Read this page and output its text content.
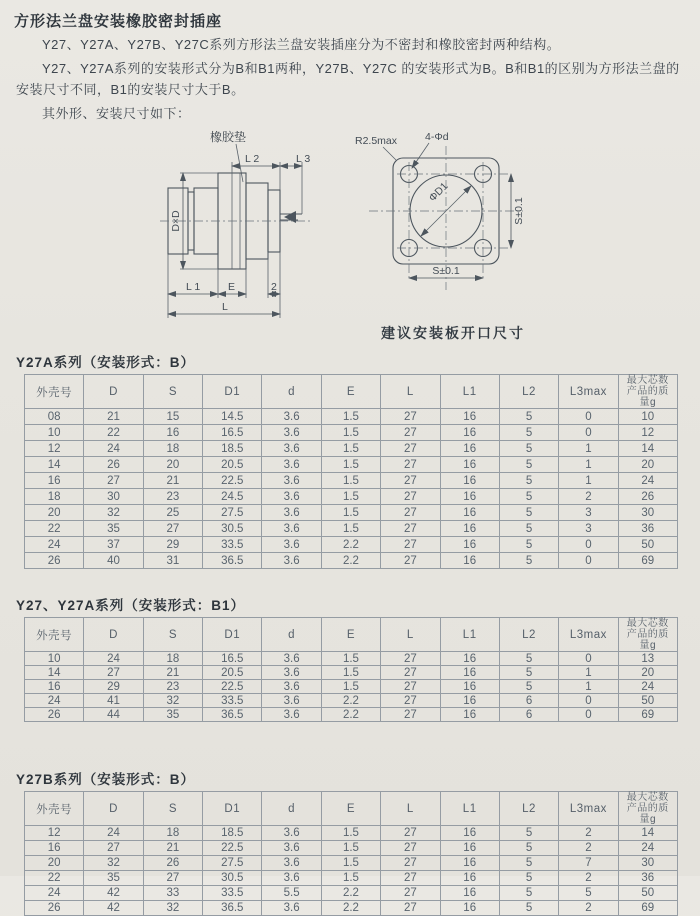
方形法兰盘安装橡胶密封插座

Y27、Y27A、Y27B、Y27C系列方形法兰盘安装插座分为不密封和橡胶密封两种结构。

Y27、Y27A系列的安装形式分为B和B1两种，Y27B、Y27C 的安装形式为B。B和B1的区别为方形法兰盘的安装尺寸不同，B1的安装尺寸大于B。

其外形、安装尺寸如下：

橡胶垫
D×D
L 2	L 3
L 1	E	2
L
R2.5max	4-Φd
ΦD1
S±0.1
S±0.1
建议安装板开口尺寸
Y27A系列（安装形式：B）
外壳号	D	S	D1	d	E	L	L1	L2	L3max	最大芯数产品的质量g
08	21	15	14.5	3.6	1.5	27	16	5	0	10
10	22	16	16.5	3.6	1.5	27	16	5	0	12
12	24	18	18.5	3.6	1.5	27	16	5	1	14
14	26	20	20.5	3.6	1.5	27	16	5	1	20
16	27	21	22.5	3.6	1.5	27	16	5	1	24
18	30	23	24.5	3.6	1.5	27	16	5	2	26
20	32	25	27.5	3.6	1.5	27	16	5	3	30
22	35	27	30.5	3.6	1.5	27	16	5	3	36
24	37	29	33.5	3.6	2.2	27	16	5	0	50
26	40	31	36.5	3.6	2.2	27	16	5	0	69
Y27、Y27A系列（安装形式：B1）
外壳号	D	S	D1	d	E	L	L1	L2	L3max	最大芯数产品的质量g
10	24	18	16.5	3.6	1.5	27	16	5	0	13
14	27	21	20.5	3.6	1.5	27	16	5	1	20
16	29	23	22.5	3.6	1.5	27	16	5	1	24
24	41	32	33.5	3.6	2.2	27	16	6	0	50
26	44	35	36.5	3.6	2.2	27	16	6	0	69
Y27B系列（安装形式：B）
外壳号	D	S	D1	d	E	L	L1	L2	L3max	最大芯数产品的质量g
12	24	18	18.5	3.6	1.5	27	16	5	2	14
16	27	21	22.5	3.6	1.5	27	16	5	2	24
20	32	26	27.5	3.6	1.5	27	16	5	7	30
22	35	27	30.5	3.6	1.5	27	16	5	2	36
24	42	33	33.5	5.5	2.2	27	16	5	5	50
26	42	32	36.5	3.6	2.2	27	16	5	2	69
